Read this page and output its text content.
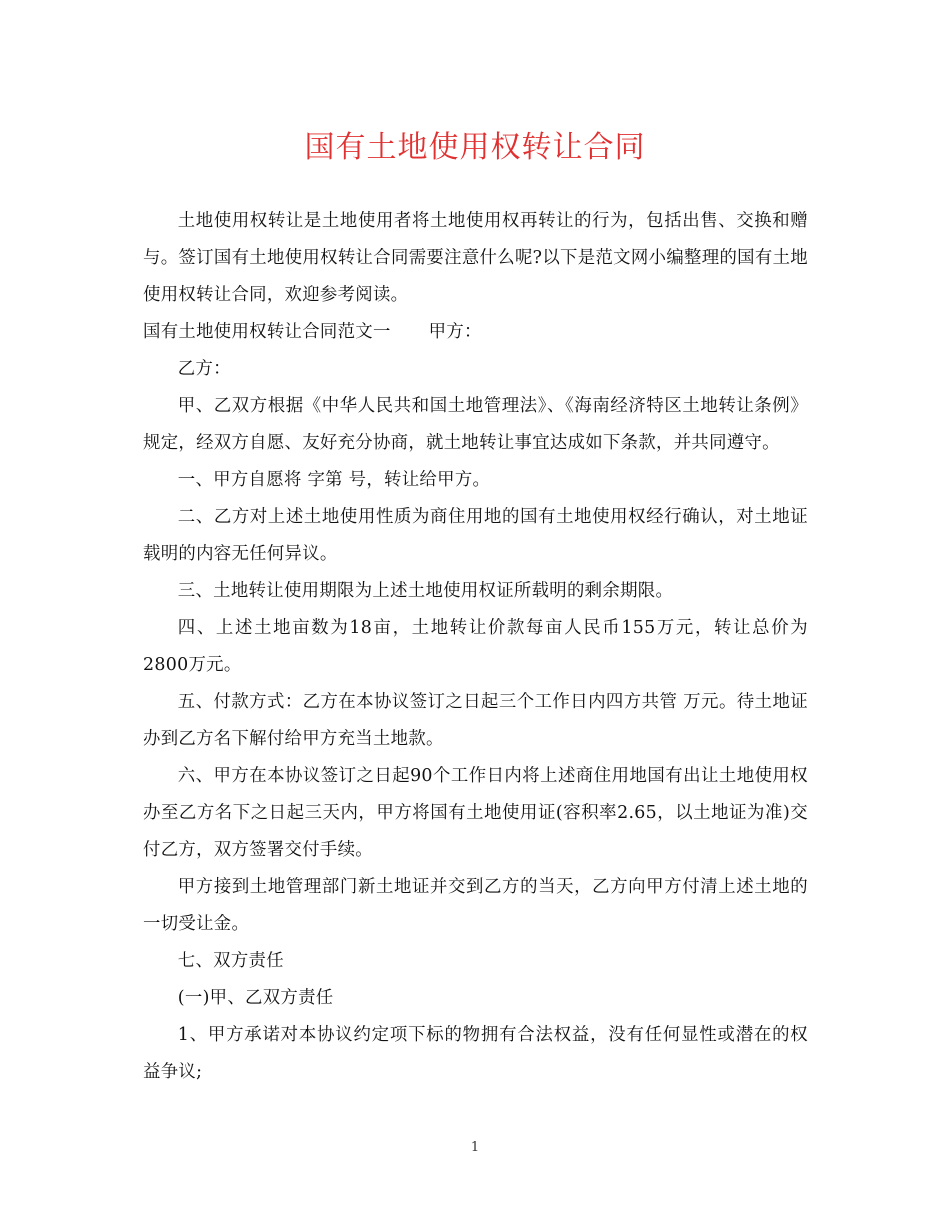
国有土地使用权转让合同

土地使用权转让是土地使用者将土地使用权再转让的行为，包括出售、交换和赠与。签订国有土地使用权转让合同需要注意什么呢?以下是范文网小编整理的国有土地使用权转让合同，欢迎参考阅读。

国有土地使用权转让合同范文一 甲方：

乙方：

甲、乙双方根据《中华人民共和国土地管理法》、《海南经济特区土地转让条例》规定，经双方自愿、友好充分协商，就土地转让事宜达成如下条款，并共同遵守。

一、甲方自愿将 字第 号，转让给甲方。

二、乙方对上述土地使用性质为商住用地的国有土地使用权经行确认，对土地证载明的内容无任何异议。

三、土地转让使用期限为上述土地使用权证所载明的剩余期限。

四、上述土地亩数为18亩，土地转让价款每亩人民币155万元，转让总价为2800万元。

五、付款方式：乙方在本协议签订之日起三个工作日内四方共管 万元。待土地证办到乙方名下解付给甲方充当土地款。

六、甲方在本协议签订之日起90个工作日内将上述商住用地国有出让土地使用权办至乙方名下之日起三天内，甲方将国有土地使用证(容积率2.65，以土地证为准)交付乙方，双方签署交付手续。

甲方接到土地管理部门新土地证并交到乙方的当天，乙方向甲方付清上述土地的一切受让金。

七、双方责任

(一)甲、乙双方责任

1、甲方承诺对本协议约定项下标的物拥有合法权益，没有任何显性或潜在的权益争议;

1
